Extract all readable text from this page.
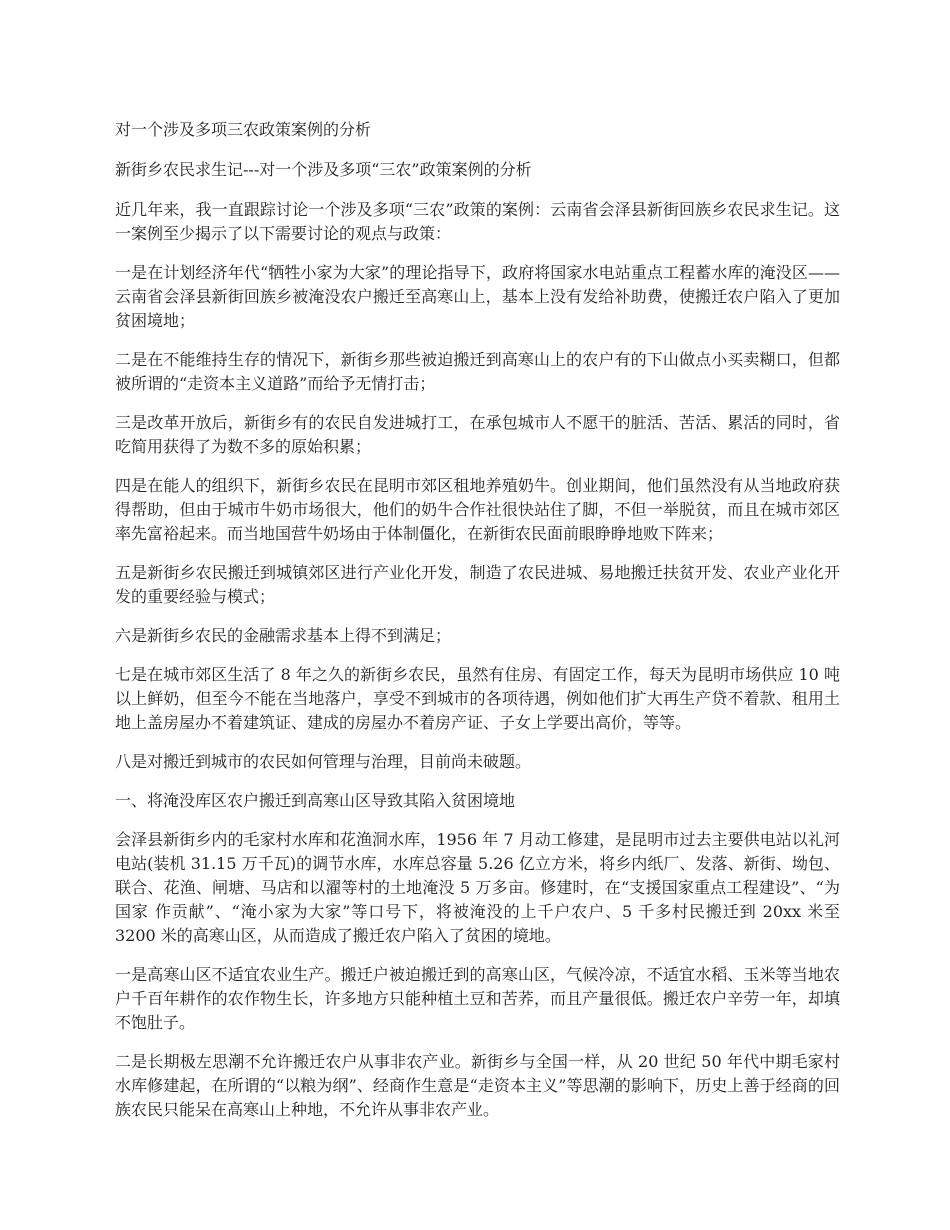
对一个涉及多项三农政策案例的分析

新街乡农民求生记---对一个涉及多项“三农”政策案例的分析

近几年来，我一直跟踪讨论一个涉及多项“三农”政策的案例：云南省会泽县新街回族乡农民求生记。这一案例至少揭示了以下需要讨论的观点与政策：

一是在计划经济年代“牺牲小家为大家”的理论指导下，政府将国家水电站重点工程蓄水库的淹没区——云南省会泽县新街回族乡被淹没农户搬迁至高寒山上，基本上没有发给补助费，使搬迁农户陷入了更加贫困境地；

二是在不能维持生存的情况下，新街乡那些被迫搬迁到高寒山上的农户有的下山做点小买卖糊口，但都被所谓的“走资本主义道路”而给予无情打击；

三是改革开放后，新街乡有的农民自发进城打工，在承包城市人不愿干的脏活、苦活、累活的同时，省吃简用获得了为数不多的原始积累；

四是在能人的组织下，新街乡农民在昆明市郊区租地养殖奶牛。创业期间，他们虽然没有从当地政府获得帮助，但由于城市牛奶市场很大，他们的奶牛合作社很快站住了脚，不但一举脱贫，而且在城市郊区率先富裕起来。而当地国营牛奶场由于体制僵化，在新街农民面前眼睁睁地败下阵来；

五是新街乡农民搬迁到城镇郊区进行产业化开发，制造了农民进城、易地搬迁扶贫开发、农业产业化开发的重要经验与模式；

六是新街乡农民的金融需求基本上得不到满足；

七是在城市郊区生活了 8 年之久的新街乡农民，虽然有住房、有固定工作，每天为昆明市场供应 10 吨以上鲜奶，但至今不能在当地落户，享受不到城市的各项待遇，例如他们扩大再生产贷不着款、租用土地上盖房屋办不着建筑证、建成的房屋办不着房产证、子女上学要出高价，等等。

八是对搬迁到城市的农民如何管理与治理，目前尚未破题。

一、将淹没库区农户搬迁到高寒山区导致其陷入贫困境地

会泽县新街乡内的毛家村水库和花渔洞水库，1956 年 7 月动工修建，是昆明市过去主要供电站以礼河电站(装机 31.15 万千瓦)的调节水库，水库总容量 5.26 亿立方米，将乡内纸厂、发落、新街、坳包、联合、花渔、闸塘、马店和以濯等村的土地淹没 5 万多亩。修建时，在“支援国家重点工程建设”、“为国家 作贡献”、“淹小家为大家”等口号下，将被淹没的上千户农户、5 千多村民搬迁到 20xx 米至 3200 米的高寒山区，从而造成了搬迁农户陷入了贫困的境地。

一是高寒山区不适宜农业生产。搬迁户被迫搬迁到的高寒山区，气候冷凉，不适宜水稻、玉米等当地农户千百年耕作的农作物生长，许多地方只能种植土豆和苦荞，而且产量很低。搬迁农户辛劳一年，却填不饱肚子。

二是长期极左思潮不允许搬迁农户从事非农产业。新街乡与全国一样，从 20 世纪 50 年代中期毛家村水库修建起，在所谓的“以粮为纲”、经商作生意是“走资本主义”等思潮的影响下，历史上善于经商的回族农民只能呆在高寒山上种地，不允许从事非农产业。
